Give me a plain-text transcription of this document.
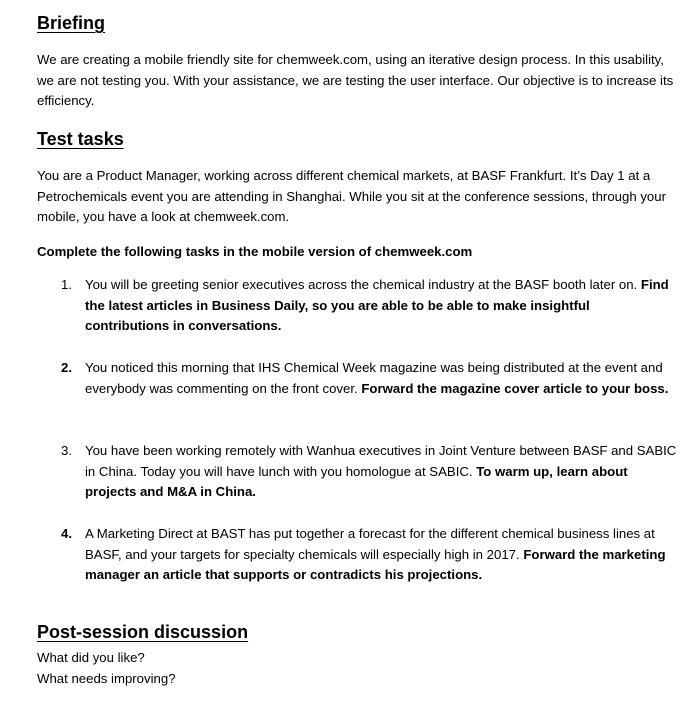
Briefing

We are creating a mobile friendly site for chemweek.com, using an iterative design process. In this usability, we are not testing you. With your assistance, we are testing the user interface. Our objective is to increase its efficiency.

Test tasks

You are a Product Manager, working across different chemical markets, at BASF Frankfurt. It’s Day 1 at a Petrochemicals event you are attending in Shanghai. While you sit at the conference sessions, through your mobile, you have a look at chemweek.com.

Complete the following tasks in the mobile version of chemweek.com

1. You will be greeting senior executives across the chemical industry at the BASF booth later on. Find the latest articles in Business Daily, so you are able to be able to make insightful contributions in conversations.
2. You noticed this morning that IHS Chemical Week magazine was being distributed at the event and everybody was commenting on the front cover. Forward the magazine cover article to your boss.
3. You have been working remotely with Wanhua executives in Joint Venture between BASF and SABIC in China. Today you will have lunch with you homologue at SABIC. To warm up, learn about projects and M&A in China.
4. A Marketing Direct at BAST has put together a forecast for the different chemical business lines at BASF, and your targets for specialty chemicals will especially high in 2017. Forward the marketing manager an article that supports or contradicts his projections.
Post-session discussion

What did you like?

What needs improving?
